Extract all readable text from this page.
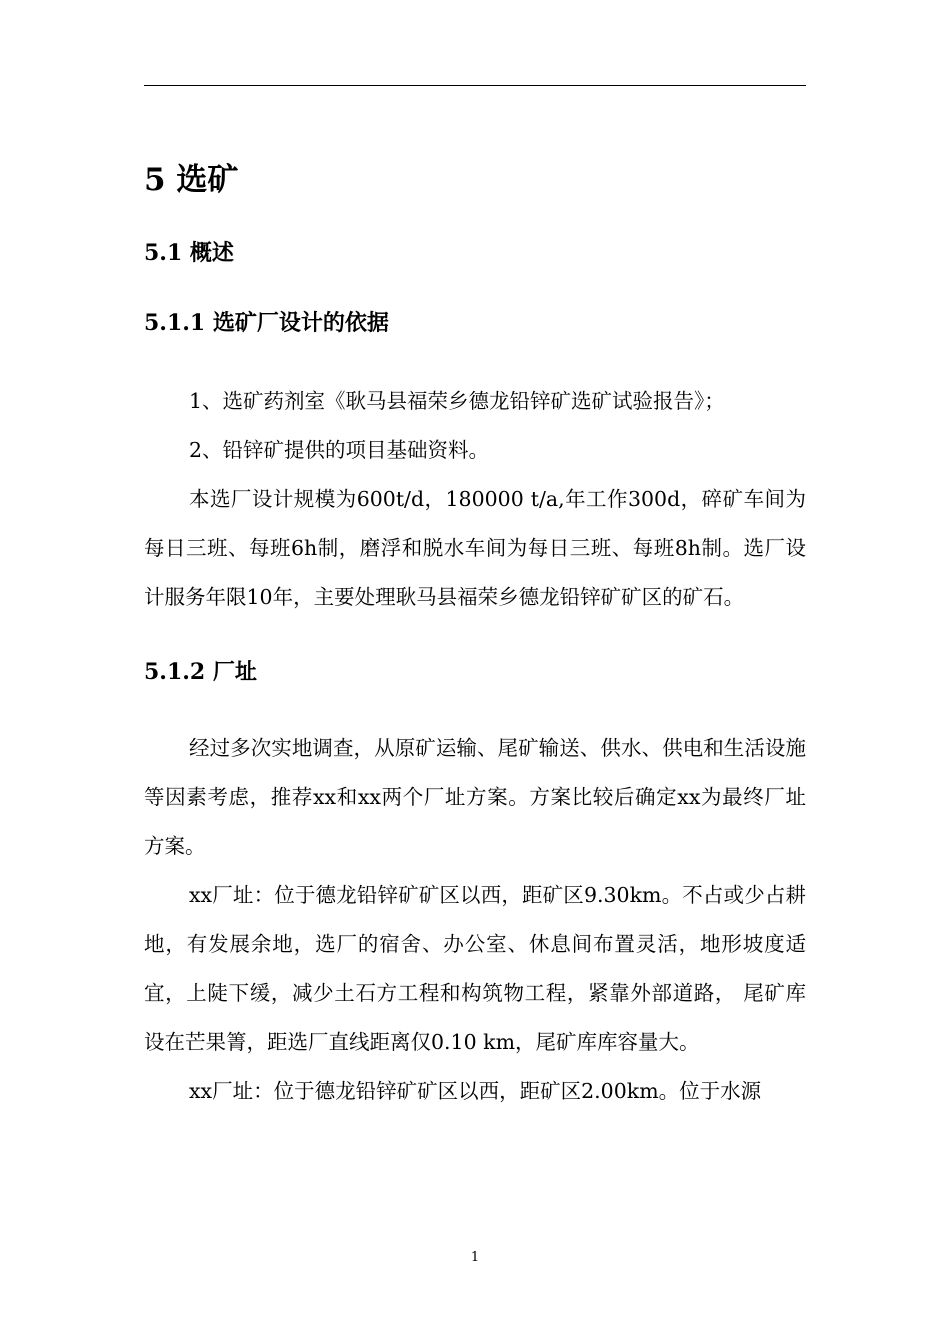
5 选矿
5.1 概述
5.1.1 选矿厂设计的依据

1、选矿药剂室《耿马县福荣乡德龙铅锌矿选矿试验报告》；

2、铅锌矿提供的项目基础资料。

本选厂设计规模为600t/d，180000 t/a,年工作300d，碎矿车间为每日三班、每班6h制，磨浮和脱水车间为每日三班、每班8h制。选厂设计服务年限10年，主要处理耿马县福荣乡德龙铅锌矿矿区的矿石。

5.1.2 厂址

经过多次实地调查，从原矿运输、尾矿输送、供水、供电和生活设施等因素考虑，推荐xx和xx两个厂址方案。方案比较后确定xx为最终厂址方案。

xx厂址：位于德龙铅锌矿矿区以西，距矿区9.30km。不占或少占耕地，有发展余地，选厂的宿舍、办公室、休息间布置灵活，地形坡度适宜，上陡下缓，减少土石方工程和构筑物工程，紧靠外部道路， 尾矿库设在芒果箐，距选厂直线距离仅0.10 km，尾矿库库容量大。

xx厂址：位于德龙铅锌矿矿区以西，距矿区2.00km。位于水源

1
